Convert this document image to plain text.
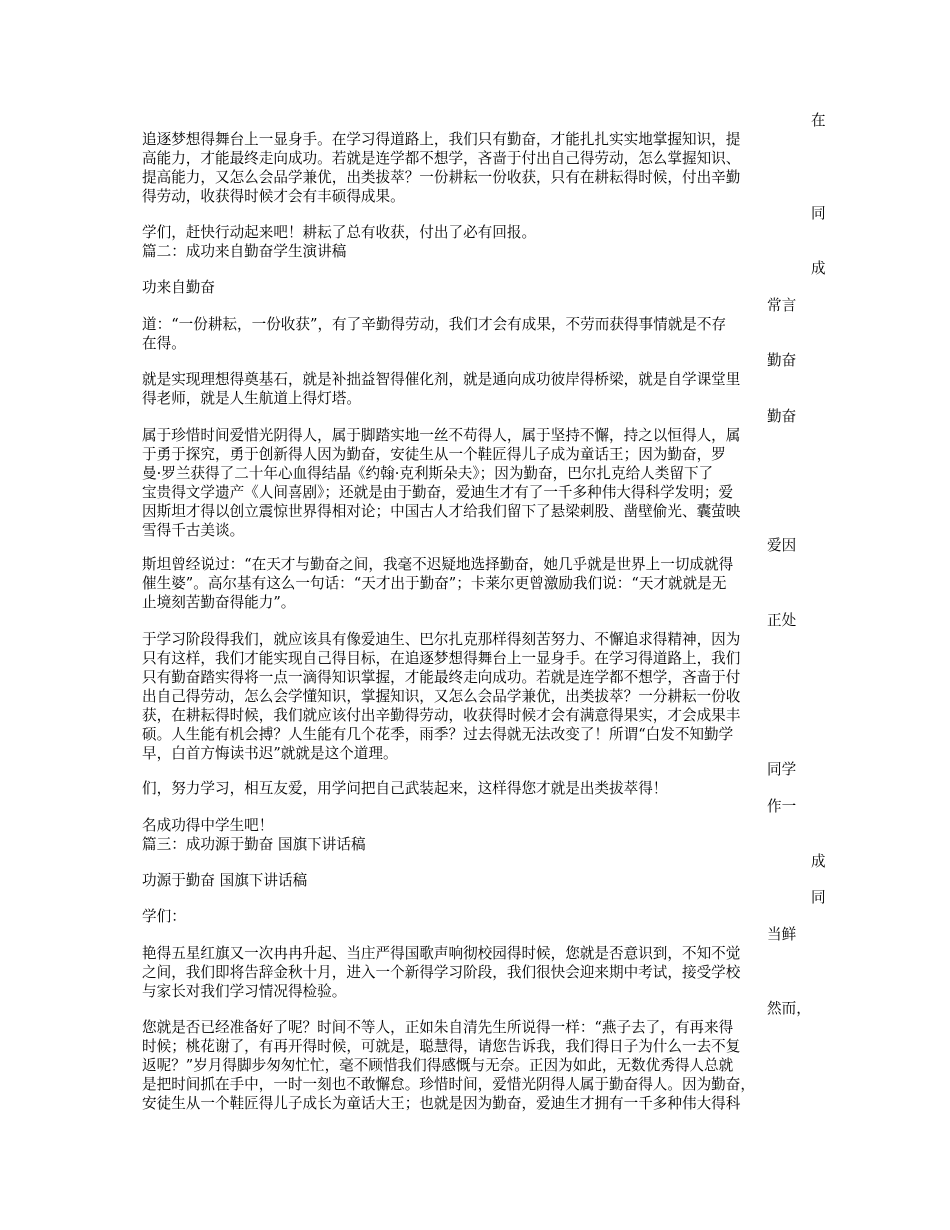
在
追逐梦想得舞台上一显身手。在学习得道路上，我们只有勤奋，才能扎扎实实地掌握知识，提
高能力，才能最终走向成功。若就是连学都不想学，吝啬于付出自己得劳动，怎么掌握知识、
提高能力，又怎么会品学兼优，出类拔萃？一份耕耘一份收获，只有在耕耘得时候，付出辛勤
得劳动，收获得时候才会有丰硕得成果。
同
学们，赶快行动起来吧！耕耘了总有收获，付出了必有回报。
篇二：成功来自勤奋学生演讲稿
成
功来自勤奋
常言
道：“一份耕耘，一份收获”，有了辛勤得劳动，我们才会有成果，不劳而获得事情就是不存
在得。
勤奋
就是实现理想得奠基石，就是补拙益智得催化剂，就是通向成功彼岸得桥梁，就是自学课堂里
得老师，就是人生航道上得灯塔。
勤奋
属于珍惜时间爱惜光阴得人，属于脚踏实地一丝不苟得人，属于坚持不懈，持之以恒得人，属
于勇于探究，勇于创新得人因为勤奋，安徒生从一个鞋匠得儿子成为童话王；因为勤奋，罗
曼·罗兰获得了二十年心血得结晶《约翰·克利斯朵夫》；因为勤奋，巴尔扎克给人类留下了
宝贵得文学遗产《人间喜剧》；还就是由于勤奋，爱迪生才有了一千多种伟大得科学发明；爱
因斯坦才得以创立震惊世界得相对论；中国古人才给我们留下了悬梁刺股、凿壁偷光、囊萤映
雪得千古美谈。
爱因
斯坦曾经说过：“在天才与勤奋之间，我毫不迟疑地选择勤奋，她几乎就是世界上一切成就得
催生婆”。高尔基有这么一句话：“天才出于勤奋”；卡莱尔更曾激励我们说：“天才就就是无
止境刻苦勤奋得能力”。
正处
于学习阶段得我们，就应该具有像爱迪生、巴尔扎克那样得刻苦努力、不懈追求得精神，因为
只有这样，我们才能实现自己得目标，在追逐梦想得舞台上一显身手。在学习得道路上，我们
只有勤奋踏实得将一点一滴得知识掌握，才能最终走向成功。若就是连学都不想学，吝啬于付
出自己得劳动，怎么会学懂知识，掌握知识，又怎么会品学兼优，出类拔萃？一分耕耘一份收
获，在耕耘得时候，我们就应该付出辛勤得劳动，收获得时候才会有满意得果实，才会成果丰
硕。人生能有机会搏？人生能有几个花季，雨季？过去得就无法改变了！所谓“白发不知勤学
早，白首方悔读书迟”就就是这个道理。
同学
们，努力学习，相互友爱，用学问把自己武装起来，这样得您才就是出类拔萃得！
作一
名成功得中学生吧！
篇三：成功源于勤奋 国旗下讲话稿
成
功源于勤奋 国旗下讲话稿
同
学们：
当鲜
艳得五星红旗又一次冉冉升起、当庄严得国歌声响彻校园得时候，您就是否意识到，不知不觉
之间，我们即将告辞金秋十月，进入一个新得学习阶段，我们很快会迎来期中考试，接受学校
与家长对我们学习情况得检验。
然而，
您就是否已经准备好了呢？时间不等人，正如朱自清先生所说得一样：“燕子去了，有再来得
时候；桃花谢了，有再开得时候，可就是，聪慧得，请您告诉我，我们得日子为什么一去不复
返呢？”岁月得脚步匆匆忙忙，毫不顾惜我们得感慨与无奈。正因为如此，无数优秀得人总就
是把时间抓在手中，一时一刻也不敢懈怠。珍惜时间，爱惜光阴得人属于勤奋得人。因为勤奋，
安徒生从一个鞋匠得儿子成长为童话大王；也就是因为勤奋，爱迪生才拥有一千多种伟大得科
